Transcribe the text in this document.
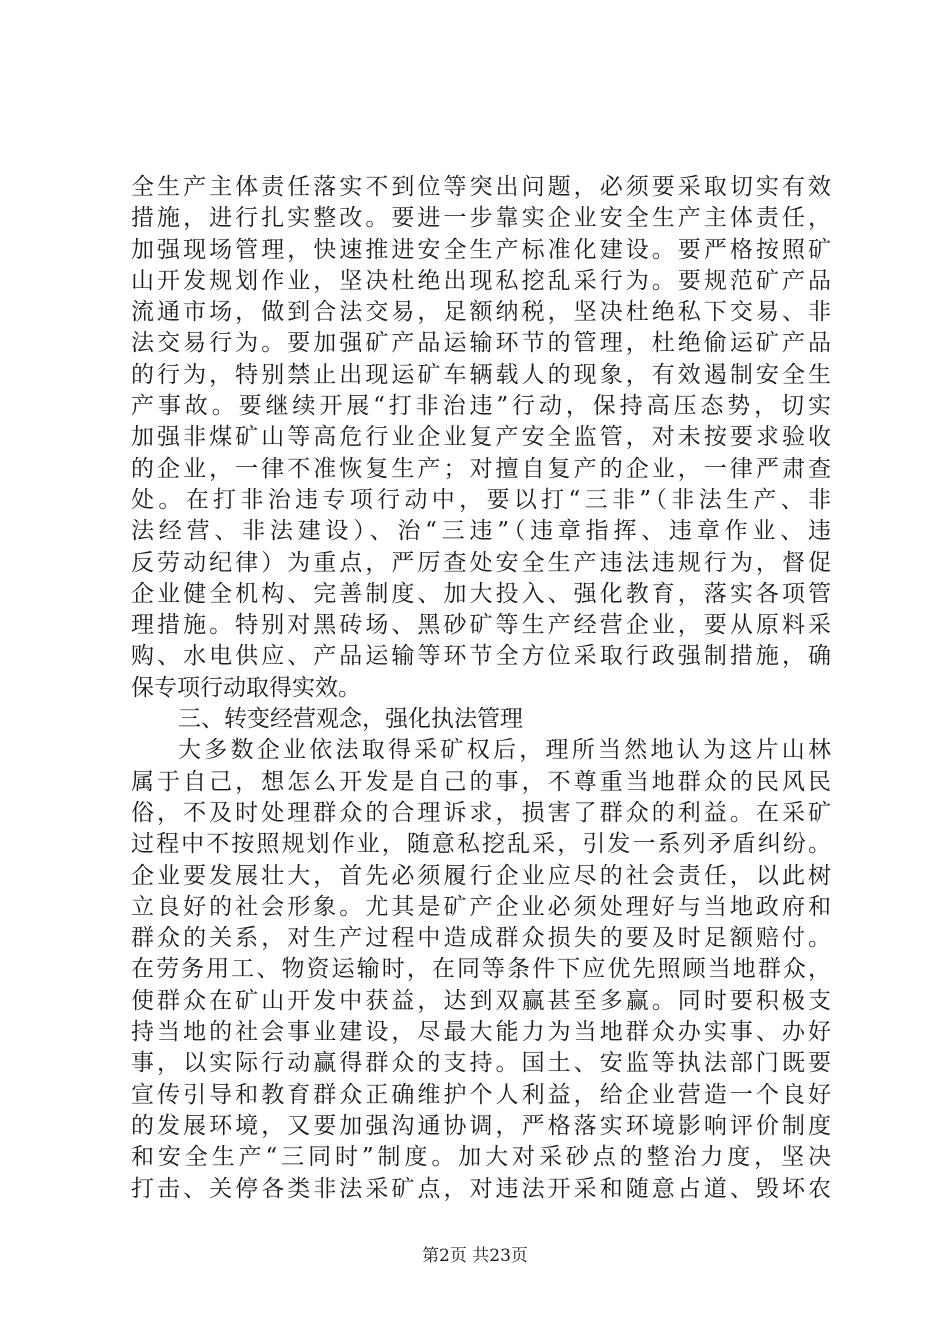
全生产主体责任落实不到位等突出问题，必须要采取切实有效
措施，进行扎实整改。要进一步靠实企业安全生产主体责任，
加强现场管理，快速推进安全生产标准化建设。要严格按照矿
山开发规划作业，坚决杜绝出现私挖乱采行为。要规范矿产品
流通市场，做到合法交易，足额纳税，坚决杜绝私下交易、非
法交易行为。要加强矿产品运输环节的管理，杜绝偷运矿产品
的行为，特别禁止出现运矿车辆载人的现象，有效遏制安全生
产事故。要继续开展“打非治违”行动，保持高压态势，切实
加强非煤矿山等高危行业企业复产安全监管，对未按要求验收
的企业，一律不准恢复生产；对擅自复产的企业，一律严肃查
处。在打非治违专项行动中，要以打“三非”（非法生产、非
法经营、非法建设）、治“三违”（违章指挥、违章作业、违
反劳动纪律）为重点，严厉查处安全生产违法违规行为，督促
企业健全机构、完善制度、加大投入、强化教育，落实各项管
理措施。特别对黑砖场、黑砂矿等生产经营企业，要从原料采
购、水电供应、产品运输等环节全方位采取行政强制措施，确
保专项行动取得实效。
三、转变经营观念，强化执法管理
大多数企业依法取得采矿权后，理所当然地认为这片山林
属于自己，想怎么开发是自己的事，不尊重当地群众的民风民
俗，不及时处理群众的合理诉求，损害了群众的利益。在采矿
过程中不按照规划作业，随意私挖乱采，引发一系列矛盾纠纷。
企业要发展壮大，首先必须履行企业应尽的社会责任，以此树
立良好的社会形象。尤其是矿产企业必须处理好与当地政府和
群众的关系，对生产过程中造成群众损失的要及时足额赔付。
在劳务用工、物资运输时，在同等条件下应优先照顾当地群众，
使群众在矿山开发中获益，达到双赢甚至多赢。同时要积极支
持当地的社会事业建设，尽最大能力为当地群众办实事、办好
事，以实际行动赢得群众的支持。国土、安监等执法部门既要
宣传引导和教育群众正确维护个人利益，给企业营造一个良好
的发展环境，又要加强沟通协调，严格落实环境影响评价制度
和安全生产“三同时”制度。加大对采砂点的整治力度，坚决
打击、关停各类非法采矿点，对违法开采和随意占道、毁坏农
第2页 共23页
